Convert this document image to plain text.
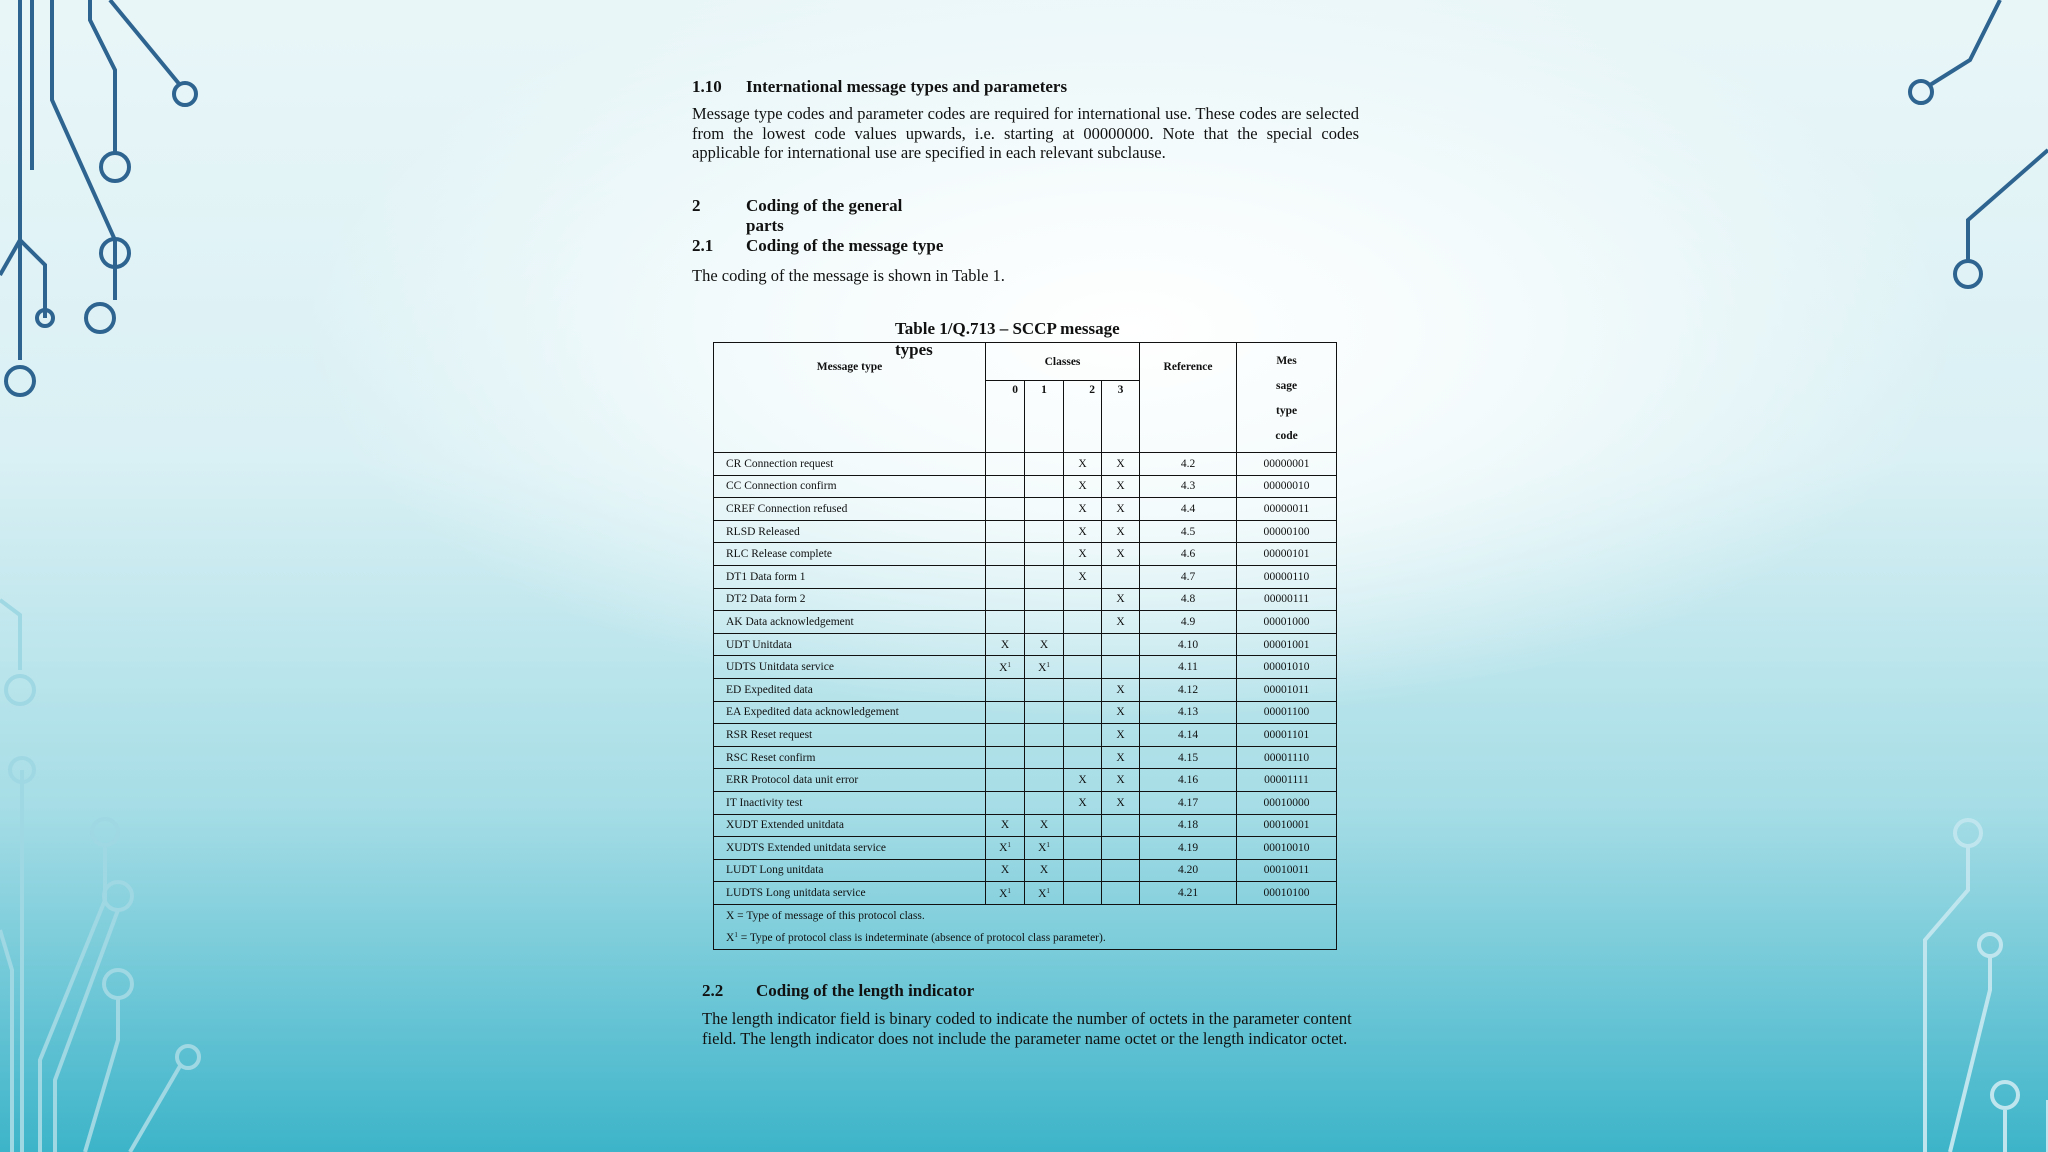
1.10 International message types and parameters
Message type codes and parameter codes are required for international use. These codes are selected from the lowest code values upwards, i.e. starting at 00000000. Note that the special codes applicable for international use are specified in each relevant subclause.
2	Coding of the general
parts
2.1 Coding of the message type
The coding of the message is shown in Table 1.
Table 1/Q.713 – SCCP message
types
Message type	Classes				Reference	Mes
sage
type
code

	0	1	2	3		
CR Connection request			X	X	4.2	00000001
CC Connection confirm			X	X	4.3	00000010
CREF Connection refused			X	X	4.4	00000011
RLSD Released			X	X	4.5	00000100
RLC Release complete			X	X	4.6	00000101
DT1 Data form 1			X		4.7	00000110
DT2 Data form 2				X	4.8	00000111
AK Data acknowledgement				X	4.9	00001000
UDT Unitdata	X	X			4.10	00001001
UDTS Unitdata service	$X^1$	$X^1$			4.11	00001010
ED Expedited data				X	4.12	00001011
EA Expedited data acknowledgement				X	4.13	00001100
RSR Reset request				X	4.14	00001101
RSC Reset confirm				X	4.15	00001110
ERR Protocol data unit error			X	X	4.16	00001111
IT Inactivity test			X	X	4.17	00010000
XUDT Extended unitdata	X	X			4.18	00010001
XUDTS Extended unitdata service	$X^1$	$X^1$			4.19	00010010
LUDT Long unitdata	X	X			4.20	00010011
LUDTS Long unitdata service	$X^1$	$X^1$			4.21	00010100
X = Type of message of this protocol class.						
$X^1$ = Type of protocol class is indeterminate (absence of protocol class parameter).						
2.2 Coding of the length indicator
The length indicator field is binary coded to indicate the number of octets in the parameter content field. The length indicator does not include the parameter name octet or the length indicator octet.
